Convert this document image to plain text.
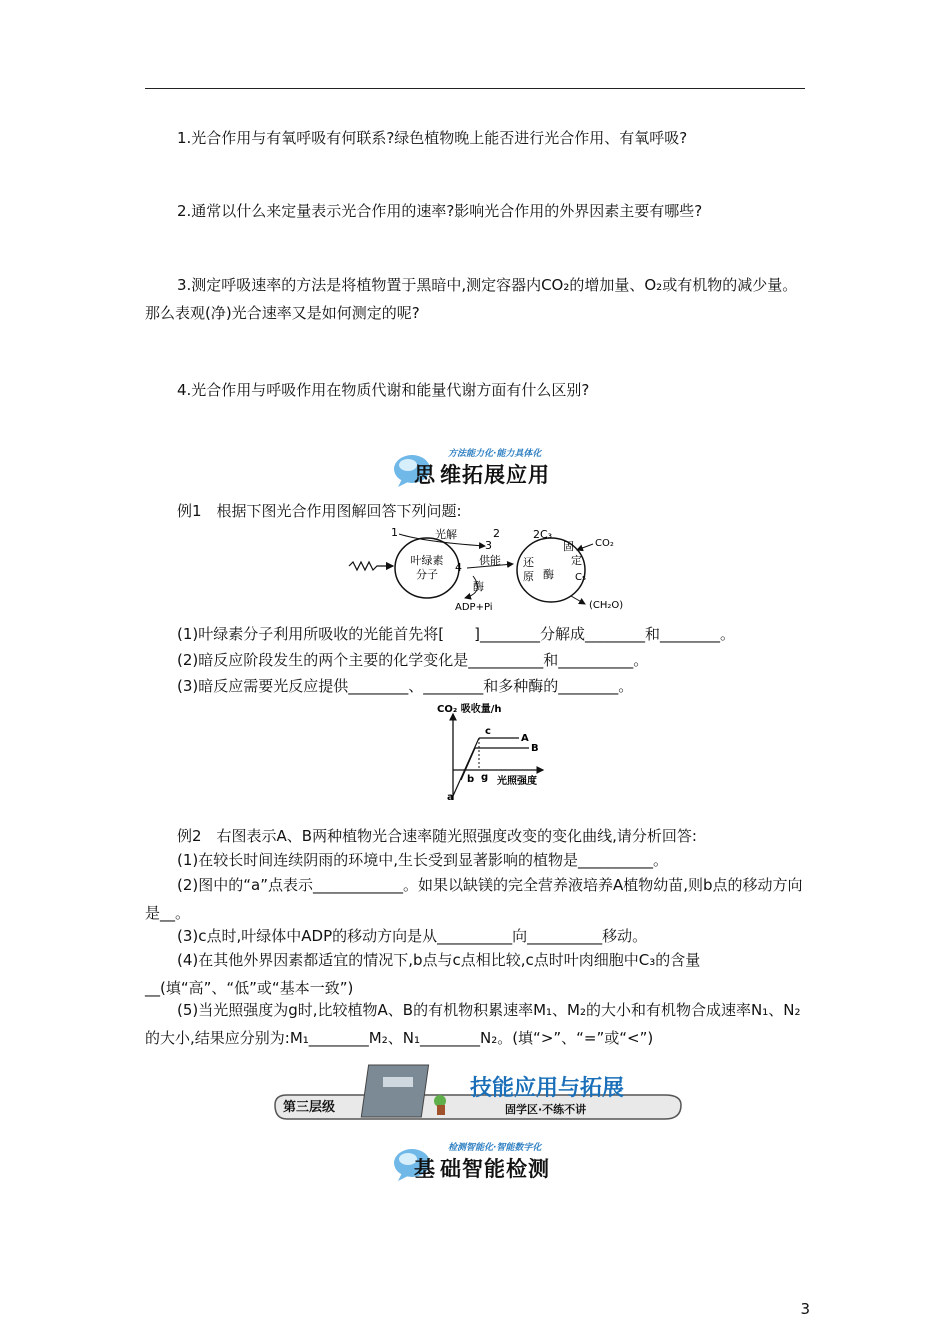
1.光合作用与有氧呼吸有何联系?绿色植物晚上能否进行光合作用、有氧呼吸?
2.通常以什么来定量表示光合作用的速率?影响光合作用的外界因素主要有哪些?
3.测定呼吸速率的方法是将植物置于黑暗中,测定容器内CO₂的增加量、O₂或有机物的减少量。那么表观(净)光合速率又是如何测定的呢?
4.光合作用与呼吸作用在物质代谢和能量代谢方面有什么区别?
方法能力化·能力具体化
思 维拓展应用
例1　根据下图光合作用图解回答下列问题:
叶绿素
分子
1	光解
3
2
4
供能
酶
ADP+Pi
2C₃
还
原 酶
固
定
C₅
CO₂
(CH₂O)
(1)叶绿素分子利用所吸收的光能首先将[　　]________分解成________和________。
(2)暗反应阶段发生的两个主要的化学变化是__________和__________。
(3)暗反应需要光反应提供________、________和多种酶的________。
CO₂ 吸收量/h
光照强度
a
b g
c
A
B
例2　右图表示A、B两种植物光合速率随光照强度改变的变化曲线,请分析回答:
(1)在较长时间连续阴雨的环境中,生长受到显著影响的植物是__________。
(2)图中的“a”点表示____________。如果以缺镁的完全营养液培养A植物幼苗,则b点的移动方向是__。
(3)c点时,叶绿体中ADP的移动方向是从__________向__________移动。
(4)在其他外界因素都适宜的情况下,b点与c点相比较,c点时叶肉细胞中C₃的含量__(填“高”、“低”或“基本一致”)
(5)当光照强度为g时,比较植物A、B的有机物积累速率M₁、M₂的大小和有机物合成速率N₁、N₂的大小,结果应分别为:M₁________M₂、N₁________N₂。(填“>”、“=”或“<”)
第三层级
技能应用与拓展
固学区·不练不讲
检测智能化·智能数字化
基 础智能检测
3
